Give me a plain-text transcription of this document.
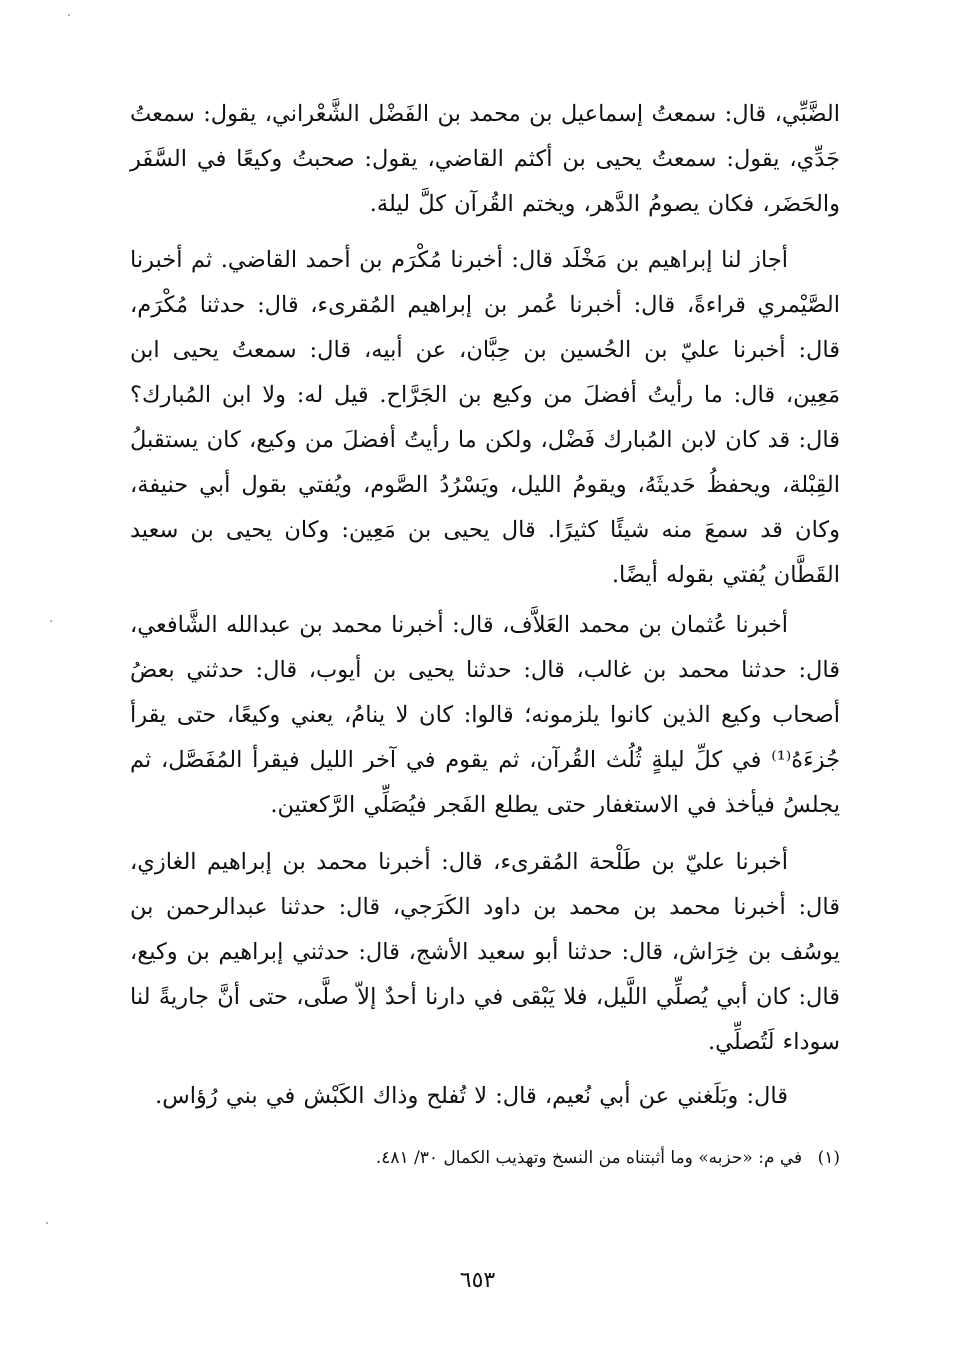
الضَّبِّي، قال: سمعتُ إسماعيل بن محمد بن الفَضْل الشَّعْراني، يقول: سمعتُ جَدِّي، يقول: سمعتُ يحيى بن أكثم القاضي، يقول: صحبتُ وكيعًا في السَّفَر والحَضَر، فكان يصومُ الدَّهر، ويختم القُرآن كلَّ ليلة.

أجاز لنا إبراهيم بن مَخْلَد قال: أخبرنا مُكْرَم بن أحمد القاضي. ثم أخبرنا الصَّيْمري قراءةً، قال: أخبرنا عُمر بن إبراهيم المُقرىء، قال: حدثنا مُكْرَم، قال: أخبرنا عليّ بن الحُسين بن حِبَّان، عن أبيه، قال: سمعتُ يحيى ابن مَعِين، قال: ما رأيتُ أفضلَ من وكيع بن الجَرَّاح. قيل له: ولا ابن المُبارك؟ قال: قد كان لابن المُبارك فَضْل، ولكن ما رأيتُ أفضلَ من وكيع، كان يستقبلُ القِبْلة، ويحفظُ حَديثَهُ، ويقومُ الليل، ويَسْرُدُ الصَّوم، ويُفتي بقول أبي حنيفة، وكان قد سمعَ منه شيئًا كثيرًا. قال يحيى بن مَعِين: وكان يحيى بن سعيد القَطَّان يُفتي بقوله أيضًا.

أخبرنا عُثمان بن محمد العَلاَّف، قال: أخبرنا محمد بن عبدالله الشَّافعي، قال: حدثنا محمد بن غالب، قال: حدثنا يحيى بن أيوب، قال: حدثني بعضُ أصحاب وكيع الذين كانوا يلزمونه؛ قالوا: كان لا ينامُ، يعني وكيعًا، حتى يقرأ جُزءَهُ⁽¹⁾ في كلِّ ليلةٍ ثُلُث القُرآن، ثم يقوم في آخر الليل فيقرأ المُفَصَّل، ثم يجلسُ فيأخذ في الاستغفار حتى يطلع الفَجر فيُصَلِّي الرَّكعتين.

أخبرنا عليّ بن طَلْحة المُقرىء، قال: أخبرنا محمد بن إبراهيم الغازي، قال: أخبرنا محمد بن محمد بن داود الكَرَجي، قال: حدثنا عبدالرحمن بن يوسُف بن خِرَاش، قال: حدثنا أبو سعيد الأشج، قال: حدثني إبراهيم بن وكيع، قال: كان أبي يُصلِّي اللَّيل، فلا يَبْقى في دارنا أحدٌ إلاّ صلَّى، حتى أنَّ جاريةً لنا سوداء لَتُصلِّي.

قال: وبَلَغني عن أبي نُعيم، قال: لا تُفلح وذاك الكَبْش في بني رُؤاس.

(١) في م: «حزبه» وما أثبتناه من النسخ وتهذيب الكمال ٣٠/ ٤٨١.
٦٥٣
